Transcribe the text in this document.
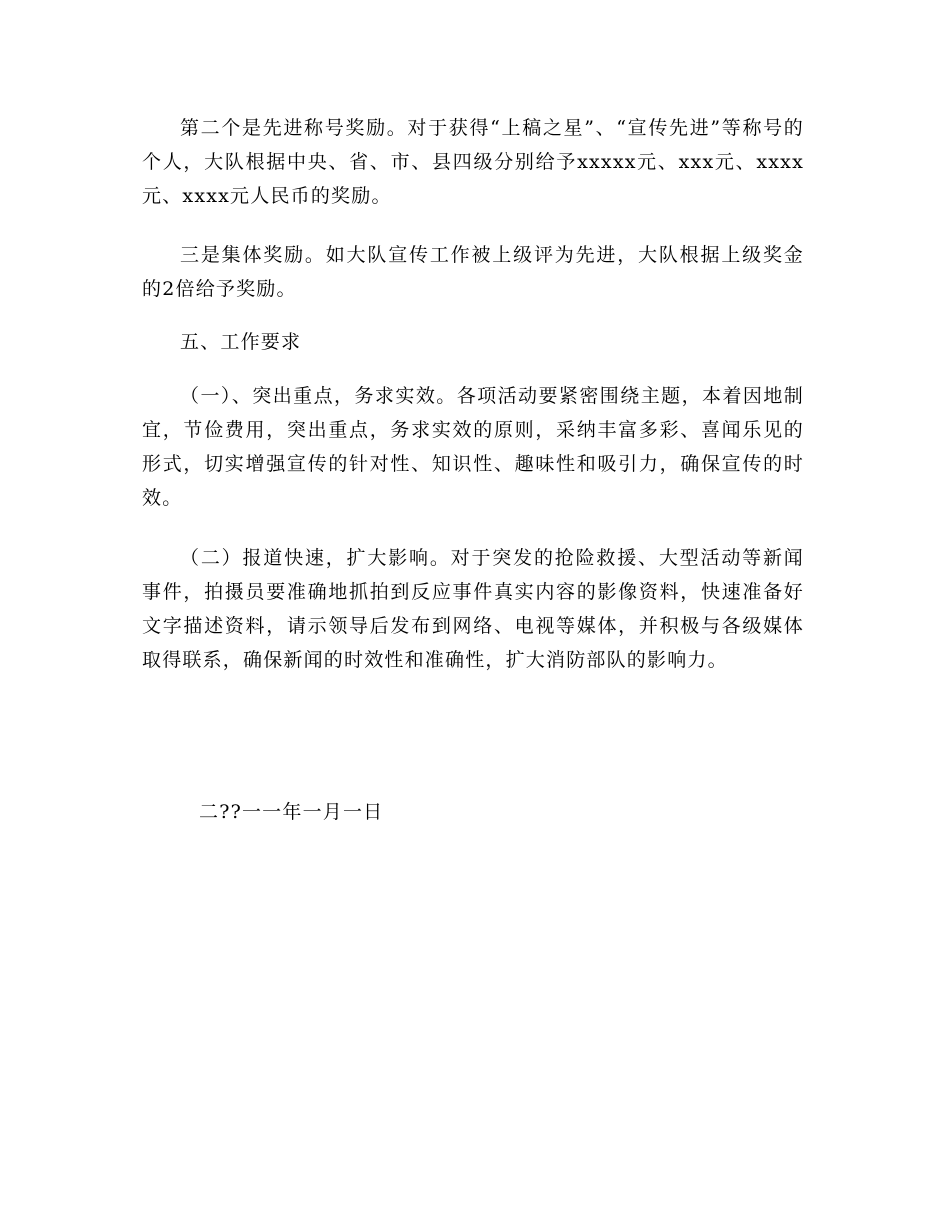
第二个是先进称号奖励。对于获得“上稿之星”、“宣传先进”等称号的个人，大队根据中央、省、市、县四级分别给予xxxxx元、xxx元、xxxx元、xxxx元人民币的奖励。

三是集体奖励。如大队宣传工作被上级评为先进，大队根据上级奖金的2倍给予奖励。

五、工作要求

（一）、突出重点，务求实效。各项活动要紧密围绕主题，本着因地制宜，节俭费用，突出重点，务求实效的原则，采纳丰富多彩、喜闻乐见的形式，切实增强宣传的针对性、知识性、趣味性和吸引力，确保宣传的时效。

（二）报道快速，扩大影响。对于突发的抢险救援、大型活动等新闻事件，拍摄员要准确地抓拍到反应事件真实内容的影像资料，快速准备好文字描述资料，请示领导后发布到网络、电视等媒体，并积极与各级媒体取得联系，确保新闻的时效性和准确性，扩大消防部队的影响力。

二??一一年一月一日
